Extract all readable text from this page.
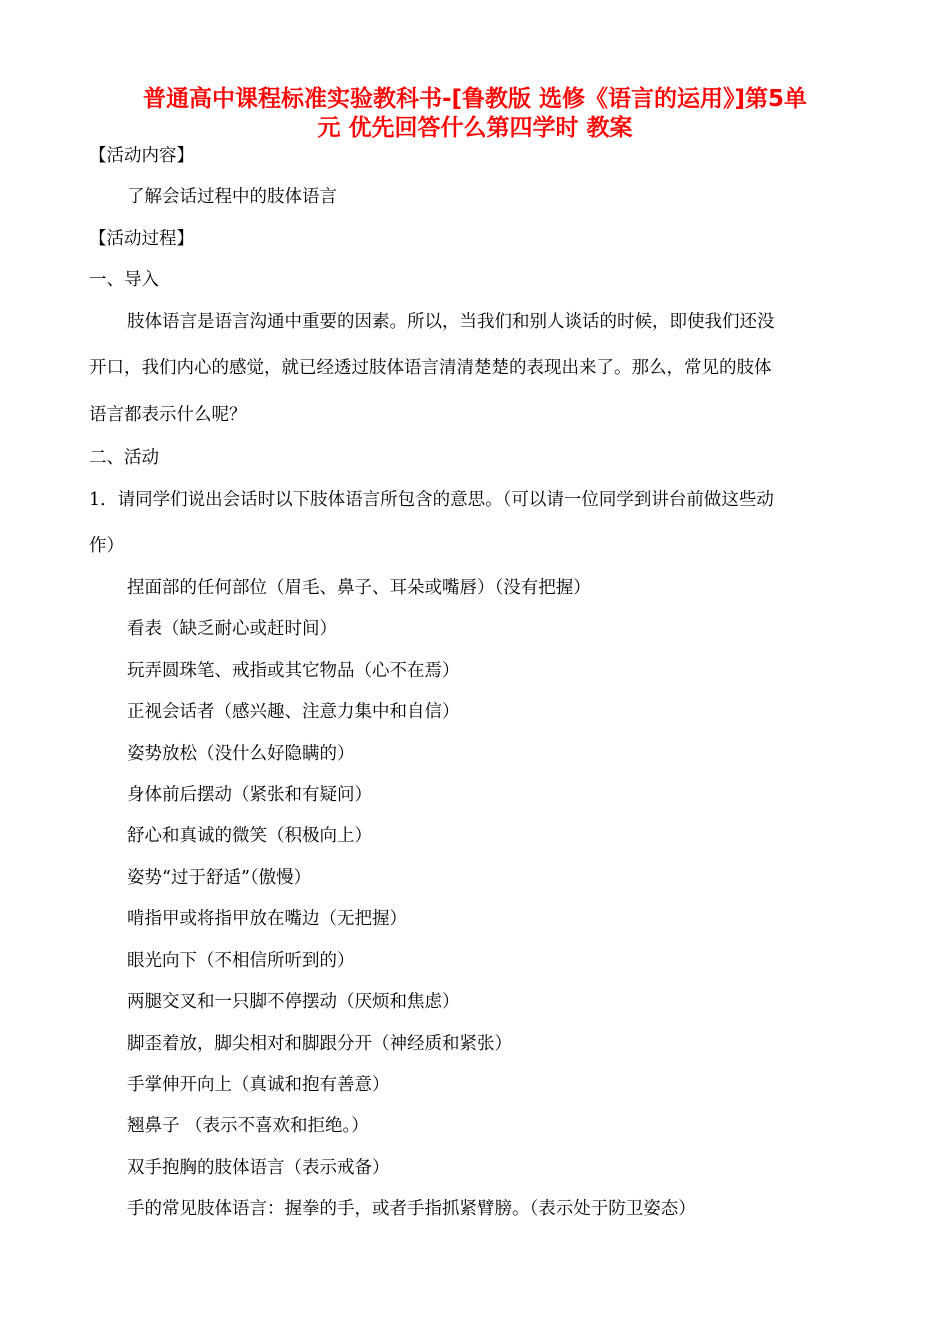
普通高中课程标准实验教科书-[鲁教版 选修《语言的运用》]第5单
元 优先回答什么第四学时 教案
【活动内容】
了解会话过程中的肢体语言
【活动过程】
一、导入
肢体语言是语言沟通中重要的因素。所以，当我们和别人谈话的时候，即使我们还没
开口，我们内心的感觉，就已经透过肢体语言清清楚楚的表现出来了。那么，常见的肢体
语言都表示什么呢？
二、活动
1．请同学们说出会话时以下肢体语言所包含的意思。（可以请一位同学到讲台前做这些动
作）
捏面部的任何部位（眉毛、鼻子、耳朵或嘴唇）（没有把握）
看表（缺乏耐心或赶时间）
玩弄圆珠笔、戒指或其它物品（心不在焉）
正视会话者（感兴趣、注意力集中和自信）
姿势放松（没什么好隐瞒的）
身体前后摆动（紧张和有疑问）
舒心和真诚的微笑（积极向上）
姿势“过于舒适”（傲慢）
啃指甲或将指甲放在嘴边（无把握）
眼光向下（不相信所听到的）
两腿交叉和一只脚不停摆动（厌烦和焦虑）
脚歪着放，脚尖相对和脚跟分开（神经质和紧张）
手掌伸开向上（真诚和抱有善意）
翘鼻子 （表示不喜欢和拒绝。）
双手抱胸的肢体语言（表示戒备）
手的常见肢体语言：握拳的手，或者手指抓紧臂膀。（表示处于防卫姿态）
